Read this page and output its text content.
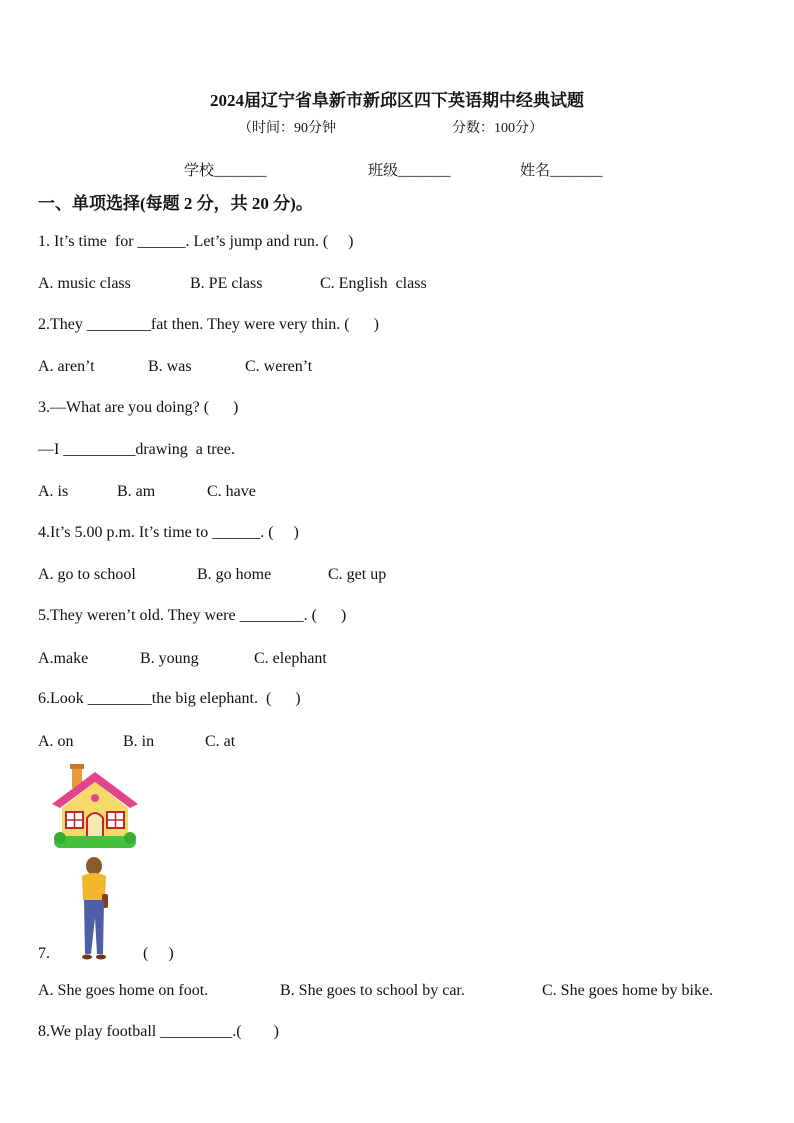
2024届辽宁省阜新市新邱区四下英语期中经典试题
（时间：90分钟	分数：100分）
学校_______	班级_______	姓名_______
一、单项选择(每题 2 分，共 20 分)。
1. It’s time  for ______. Let’s jump and run. (     )
A. music class	B. PE class	C. English  class
2.They ________fat then. They were very thin. (      )
A. aren’t	B. was	C. weren’t
3.—What are you doing? (      )
—I _________drawing  a tree.
A. is	B. am	C. have
4.It’s 5.00 p.m. It’s time to ______. (     )
A. go to school	B. go home	C. get up
5.They weren’t old. They were ________. (      )
A.make	B. young	C. elephant
6.Look ________the big elephant.  (      )
A. on	B. in	C. at
7.	(     )
A. She goes home on foot.	B. She goes to school by car.	C. She goes home by bike.
8.We play football _________.(        )
